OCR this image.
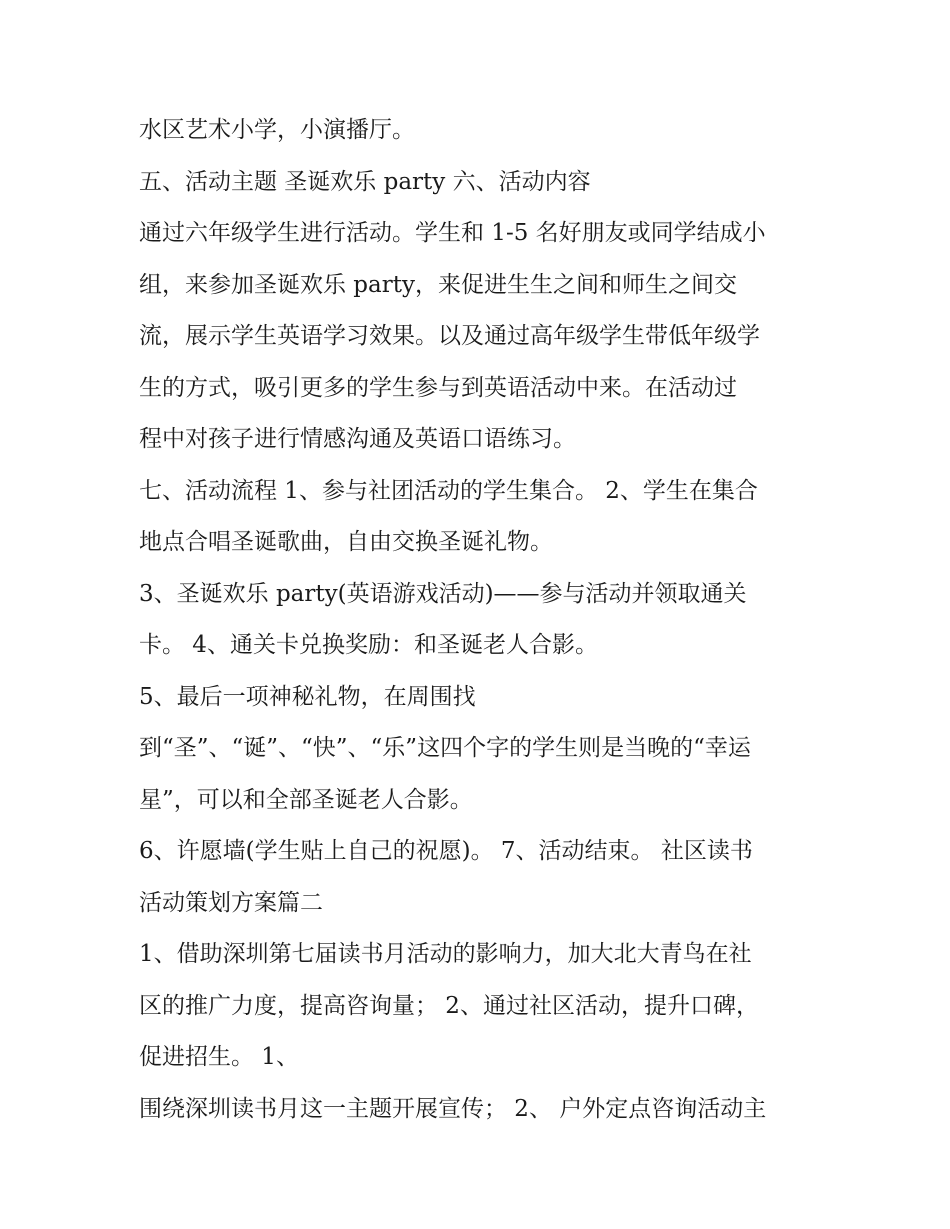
水区艺术小学，小演播厅。
五、活动主题 圣诞欢乐 party 六、活动内容
通过六年级学生进行活动。学生和 1-5 名好朋友或同学结成小
组，来参加圣诞欢乐 party，来促进生生之间和师生之间交
流，展示学生英语学习效果。以及通过高年级学生带低年级学
生的方式，吸引更多的学生参与到英语活动中来。在活动过
程中对孩子进行情感沟通及英语口语练习。
七、活动流程 1、参与社团活动的学生集合。 2、学生在集合
地点合唱圣诞歌曲，自由交换圣诞礼物。
3、圣诞欢乐 party(英语游戏活动)——参与活动并领取通关
卡。 4、通关卡兑换奖励：和圣诞老人合影。
5、最后一项神秘礼物，在周围找
到“圣”、“诞”、“快”、“乐”这四个字的学生则是当晚的“幸运
星”，可以和全部圣诞老人合影。
6、许愿墙(学生贴上自己的祝愿)。 7、活动结束。 社区读书
活动策划方案篇二
1、借助深圳第七届读书月活动的影响力，加大北大青鸟在社
区的推广力度，提高咨询量； 2、通过社区活动，提升口碑，
促进招生。 1、
围绕深圳读书月这一主题开展宣传； 2、 户外定点咨询活动主
